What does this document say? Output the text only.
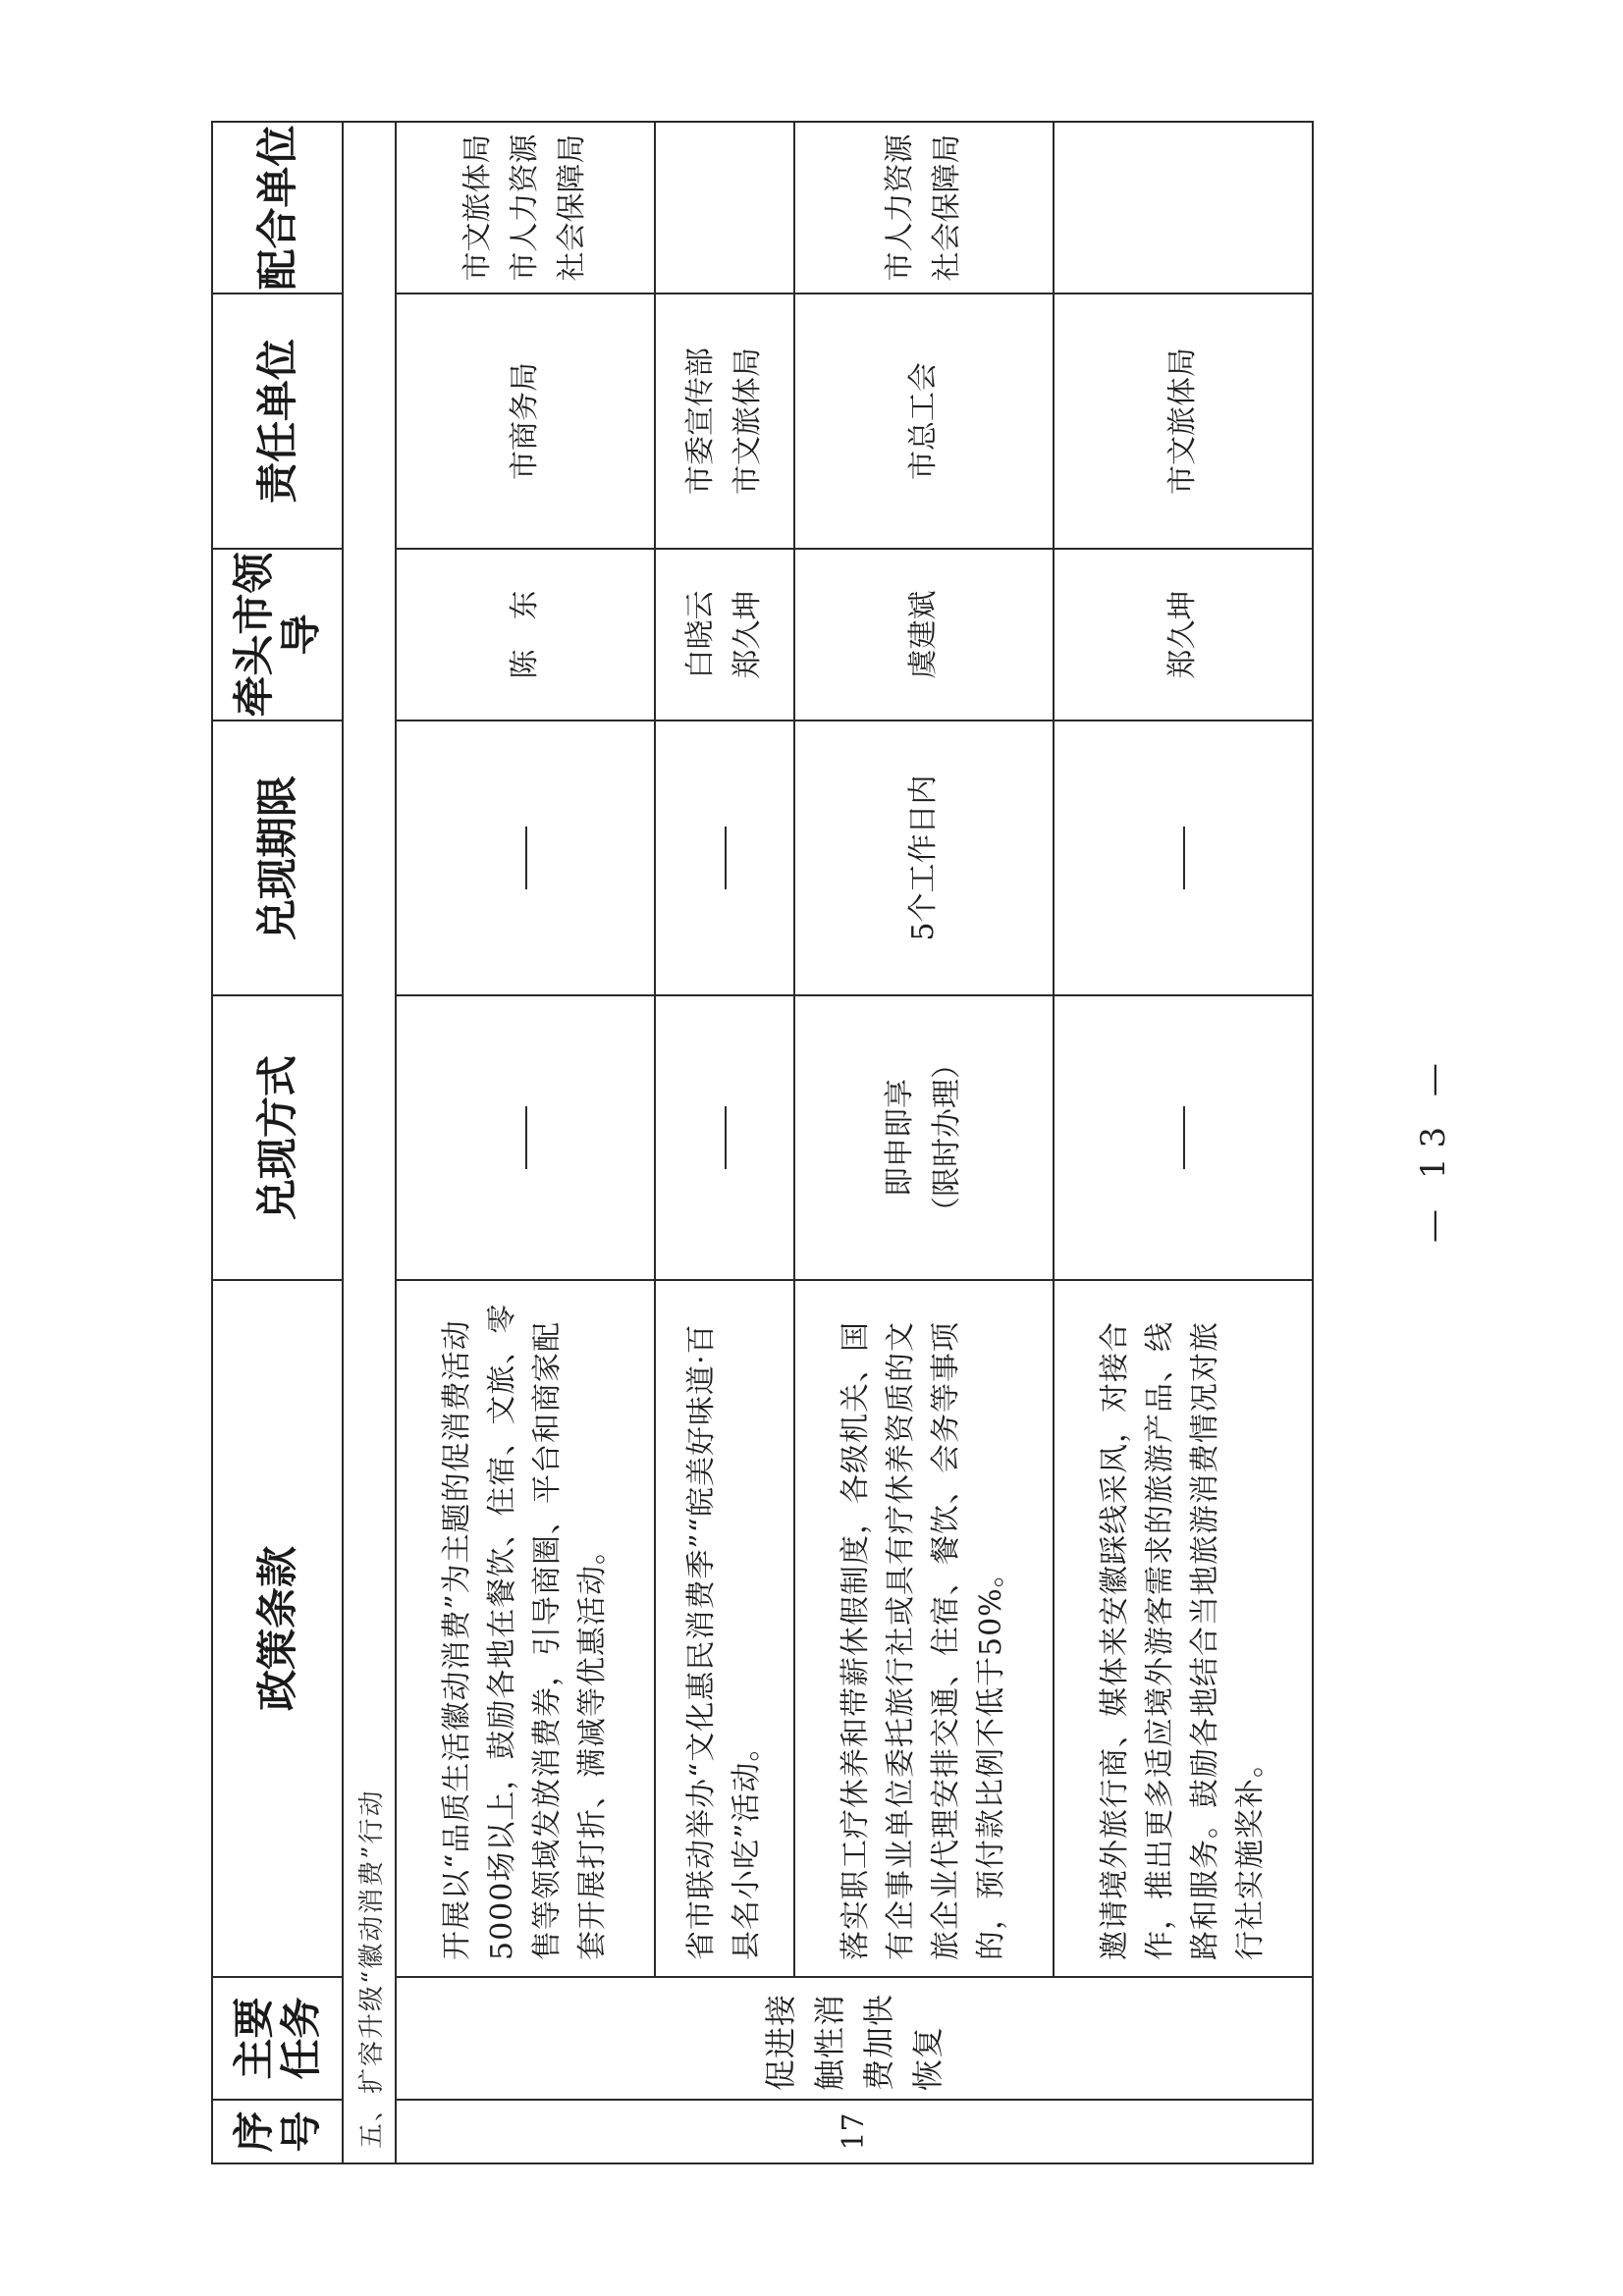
序号	主要任务	政策条款	兑现方式	兑现期限	牵头市领导	责任单位	配合单位
五、扩容升级“徽动消费”行动							
17	促进接触性消费加快恢复	开展以“品质生活徽动消费”为主题的促消费活动5000场以上，鼓励各地在餐饮、住宿、文旅、零售等领域发放消费券，引导商圈、平台和商家配套开展打折、满减等优惠活动。			陈　东	市商务局	市文旅体局 市人力资源 社会保障局

		省市联动举办“文化惠民消费季”“皖美好味道·百县名小吃”活动。			白晓云 郑久坤	市委宣传部 市文旅体局	

		落实职工疗休养和带薪休假制度，各级机关、国有企事业单位委托旅行社或具有疗休养资质的文旅企业代理安排交通、住宿、餐饮、会务等事项的，预付款比例不低于50%。	即申即享 （限时办理）	5个工作日内	虞建斌	市总工会	市人力资源 社会保障局

		邀请境外旅行商、媒体来安徽踩线采风，对接合作，推出更多适应境外游客需求的旅游产品、线路和服务。鼓励各地结合当地旅游消费情况对旅行社实施奖补。			郑久坤	市文旅体局	
— 13 —
